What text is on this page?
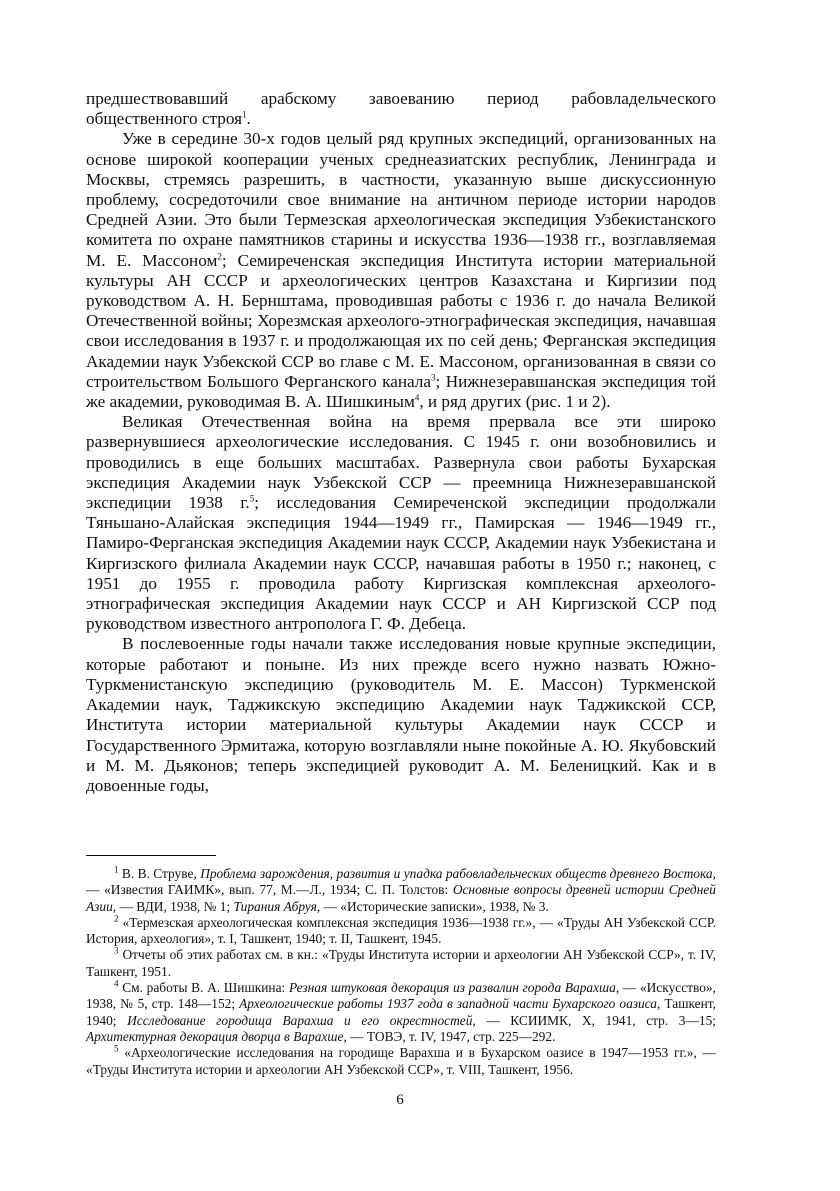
предшествовавший арабскому завоеванию период рабовладельческого общественного строя$^1$.

Уже в середине 30-х годов целый ряд крупных экспедиций, организованных на основе широкой кооперации ученых среднеазиатских республик, Ленинграда и Москвы, стремясь разрешить, в частности, указанную выше дискуссионную проблему, сосредоточили свое внимание на античном периоде истории народов Средней Азии. Это были Термезская археологическая экспедиция Узбекистанского комитета по охране памятников старины и искусства 1936—1938 гг., возглавляемая М. Е. Массоном$^2$; Семиреченская экспедиция Института истории материальной культуры АН СССР и археологических центров Казахстана и Киргизии под руководством А. Н. Бернштама, проводившая работы с 1936 г. до начала Великой Отечественной войны; Хорезмская археолого-этнографическая экспедиция, начавшая свои исследования в 1937 г. и продолжающая их по сей день; Ферганская экспедиция Академии наук Узбекской ССР во главе с М. Е. Массоном, организованная в связи со строительством Большого Ферганского канала$^3$; Нижнезеравшанская экспедиция той же академии, руководимая В. А. Шишкиным$^4$, и ряд других (рис. 1 и 2).

Великая Отечественная война на время прервала все эти широко развернувшиеся археологические исследования. С 1945 г. они возобновились и проводились в еще больших масштабах. Развернула свои работы Бухарская экспедиция Академии наук Узбекской ССР — преемница Нижнезеравшанской экспедиции 1938 г.$^5$; исследования Семиреченской экспедиции продолжали Тяньшано-Алайская экспедиция 1944—1949 гг., Памирская — 1946—1949 гг., Памиро-Ферганская экспедиция Академии наук СССР, Академии наук Узбекистана и Киргизского филиала Академии наук СССР, начавшая работы в 1950 г.; наконец, с 1951 до 1955 г. проводила работу Киргизская комплексная археолого-этнографическая экспедиция Академии наук СССР и АН Киргизской ССР под руководством известного антрополога Г. Ф. Дебеца.

В послевоенные годы начали также исследования новые крупные экспедиции, которые работают и поныне. Из них прежде всего нужно назвать Южно-Туркменистанскую экспедицию (руководитель М. Е. Массон) Туркменской Академии наук, Таджикскую экспедицию Академии наук Таджикской ССР, Института истории материальной культуры Академии наук СССР и Государственного Эрмитажа, которую возглавляли ныне покойные А. Ю. Якубовский и М. М. Дьяконов; теперь экспедицией руководит А. М. Беленицкий. Как и в довоенные годы,

$^1$ В. В. Струве, Проблема зарождения, развития и упадка рабовладельческих обществ древнего Востока, — «Известия ГАИМК», вып. 77, М.—Л., 1934; С. П. Толстов: Основные вопросы древней истории Средней Азии, — ВДИ, 1938, № 1; Тирания Абруя, — «Исторические записки», 1938, № 3.

$^2$ «Термезская археологическая комплексная экспедиция 1936—1938 гг.», — «Труды АН Узбекской ССР. История, археология», т. I, Ташкент, 1940; т. II, Ташкент, 1945.

$^3$ Отчеты об этих работах см. в кн.: «Труды Института истории и археологии АН Узбекской ССР», т. IV, Ташкент, 1951.

$^4$ См. работы В. А. Шишкина: Резная штуковая декорация из развалин города Варахша, — «Искусство», 1938, № 5, стр. 148—152; Археологические работы 1937 года в западной части Бухарского оазиса, Ташкент, 1940; Исследование городища Варахша и его окрестностей, — КСИИМК, X, 1941, стр. 3—15; Архитектурная декорация дворца в Варахше, — ТОВЭ, т. IV, 1947, стр. 225—292.

$^5$ «Археологические исследования на городище Варахша и в Бухарском оазисе в 1947—1953 гг.», — «Труды Института истории и археологии АН Узбекской ССР», т. VIII, Ташкент, 1956.

6
